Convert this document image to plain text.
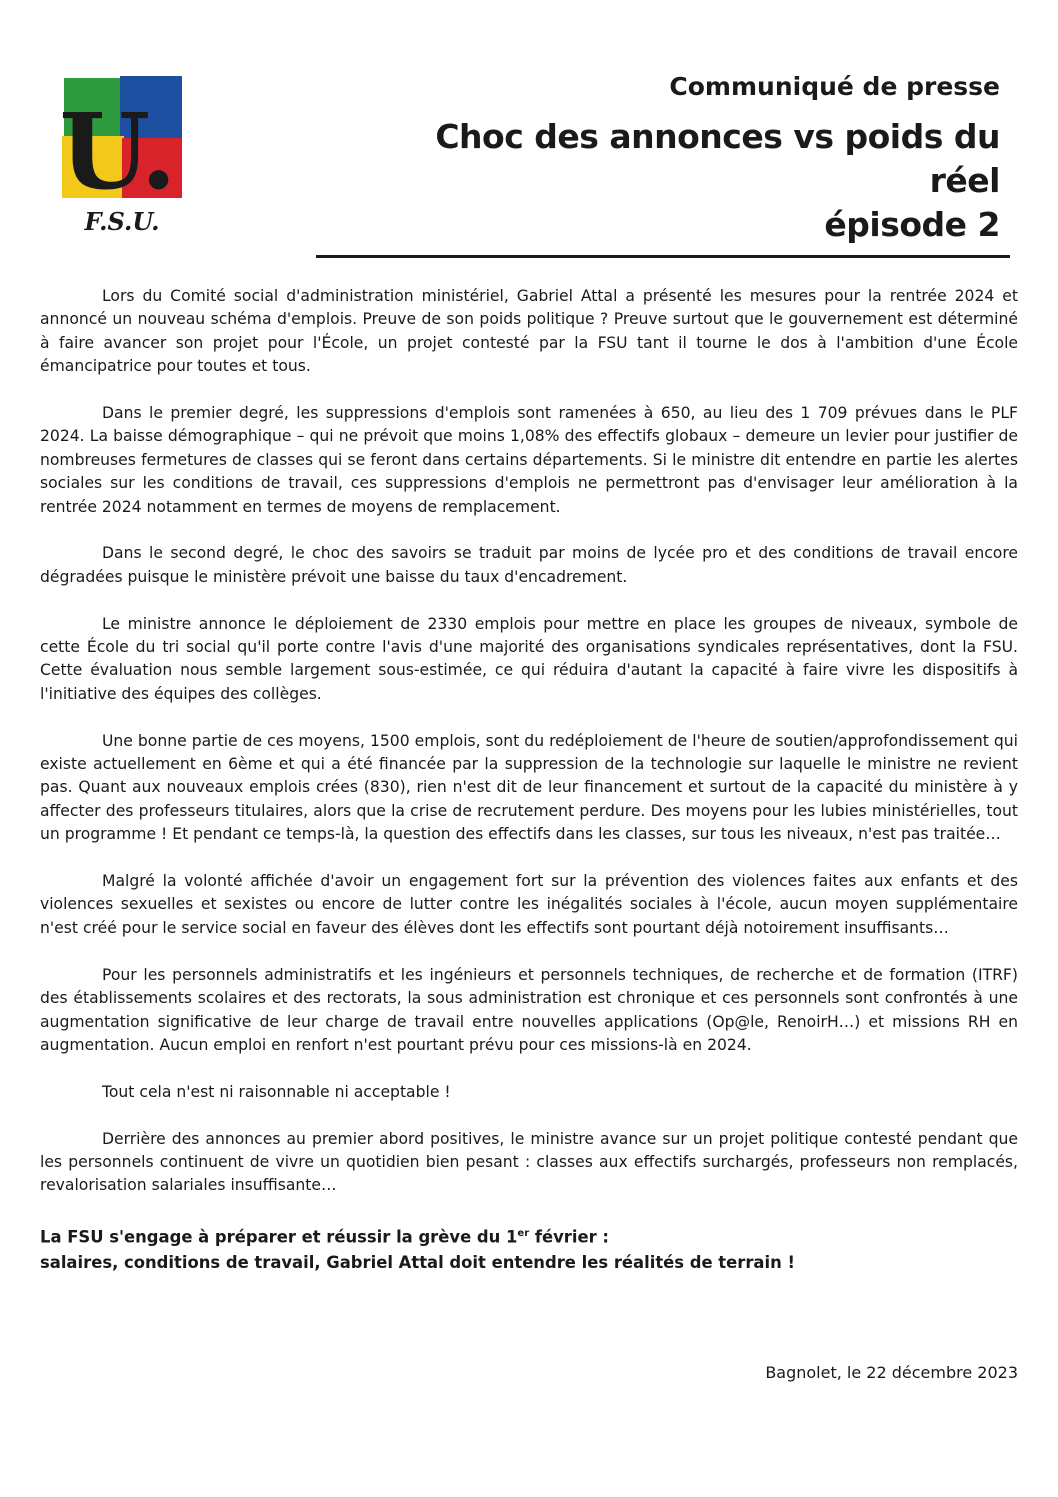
U.
F.S.U.
Communiqué de presse
Choc des annonces vs poids du réel
épisode 2

Lors du Comité social d'administration ministériel, Gabriel Attal a présenté les mesures pour la rentrée 2024 et annoncé un nouveau schéma d'emplois. Preuve de son poids politique ? Preuve surtout que le gouvernement est déterminé à faire avancer son projet pour l'École, un projet contesté par la FSU tant il tourne le dos à l'ambition d'une École émancipatrice pour toutes et tous.

Dans le premier degré, les suppressions d'emplois sont ramenées à 650, au lieu des 1 709 prévues dans le PLF 2024. La baisse démographique – qui ne prévoit que moins 1,08% des effectifs globaux – demeure un levier pour justifier de nombreuses fermetures de classes qui se feront dans certains départements. Si le ministre dit entendre en partie les alertes sociales sur les conditions de travail, ces suppressions d'emplois ne permettront pas d'envisager leur amélioration à la rentrée 2024 notamment en termes de moyens de remplacement.

Dans le second degré, le choc des savoirs se traduit par moins de lycée pro et des conditions de travail encore dégradées puisque le ministère prévoit une baisse du taux d'encadrement.

Le ministre annonce le déploiement de 2330 emplois pour mettre en place les groupes de niveaux, symbole de cette École du tri social qu'il porte contre l'avis d'une majorité des organisations syndicales représentatives, dont la FSU. Cette évaluation nous semble largement sous-estimée, ce qui réduira d'autant la capacité à faire vivre les dispositifs à l'initiative des équipes des collèges.

Une bonne partie de ces moyens, 1500 emplois, sont du redéploiement de l'heure de soutien/approfondissement qui existe actuellement en 6ème et qui a été financée par la suppression de la technologie sur laquelle le ministre ne revient pas. Quant aux nouveaux emplois crées (830), rien n'est dit de leur financement et surtout de la capacité du ministère à y affecter des professeurs titulaires, alors que la crise de recrutement perdure. Des moyens pour les lubies ministérielles, tout un programme ! Et pendant ce temps-là, la question des effectifs dans les classes, sur tous les niveaux, n'est pas traitée…

Malgré la volonté affichée d'avoir un engagement fort sur la prévention des violences faites aux enfants et des violences sexuelles et sexistes ou encore de lutter contre les inégalités sociales à l'école, aucun moyen supplémentaire n'est créé pour le service social en faveur des élèves dont les effectifs sont pourtant déjà notoirement insuffisants…

Pour les personnels administratifs et les ingénieurs et personnels techniques, de recherche et de formation (ITRF) des établissements scolaires et des rectorats, la sous administration est chronique et ces personnels sont confrontés à une augmentation significative de leur charge de travail entre nouvelles applications (Op@le, RenoirH…) et missions RH en augmentation. Aucun emploi en renfort n'est pourtant prévu pour ces missions-là en 2024.

Tout cela n'est ni raisonnable ni acceptable !

Derrière des annonces au premier abord positives, le ministre avance sur un projet politique contesté pendant que les personnels continuent de vivre un quotidien bien pesant : classes aux effectifs surchargés, professeurs non remplacés, revalorisation salariales insuffisante…

La FSU s'engage à préparer et réussir la grève du 1er février :
salaires, conditions de travail, Gabriel Attal doit entendre les réalités de terrain !
Bagnolet, le 22 décembre 2023
